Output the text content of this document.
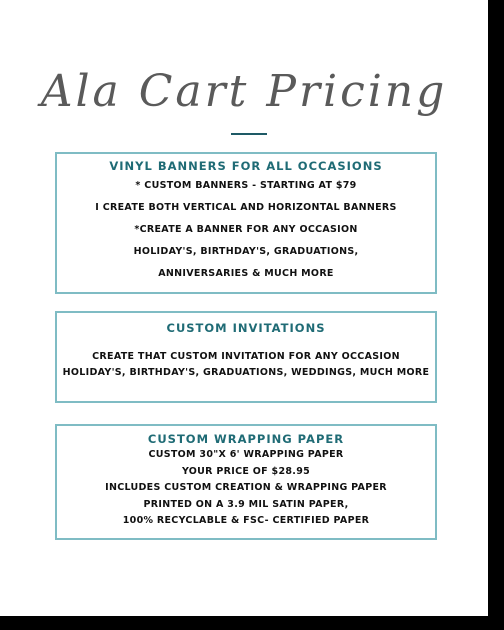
Ala Cart Pricing
VINYL BANNERS FOR ALL OCCASIONS

* CUSTOM BANNERS - STARTING AT $79

I CREATE BOTH VERTICAL AND HORIZONTAL BANNERS

*CREATE A BANNER FOR ANY OCCASION

HOLIDAY'S, BIRTHDAY'S, GRADUATIONS,

ANNIVERSARIES & MUCH MORE

CUSTOM INVITATIONS

CREATE THAT CUSTOM INVITATION FOR ANY OCCASION

HOLIDAY'S, BIRTHDAY'S, GRADUATIONS, WEDDINGS, MUCH MORE

CUSTOM WRAPPING PAPER

CUSTOM 30"X 6' WRAPPING PAPER

YOUR PRICE OF $28.95

INCLUDES CUSTOM CREATION & WRAPPING PAPER

PRINTED ON A 3.9 MIL SATIN PAPER,

100% RECYCLABLE & FSC- CERTIFIED PAPER
